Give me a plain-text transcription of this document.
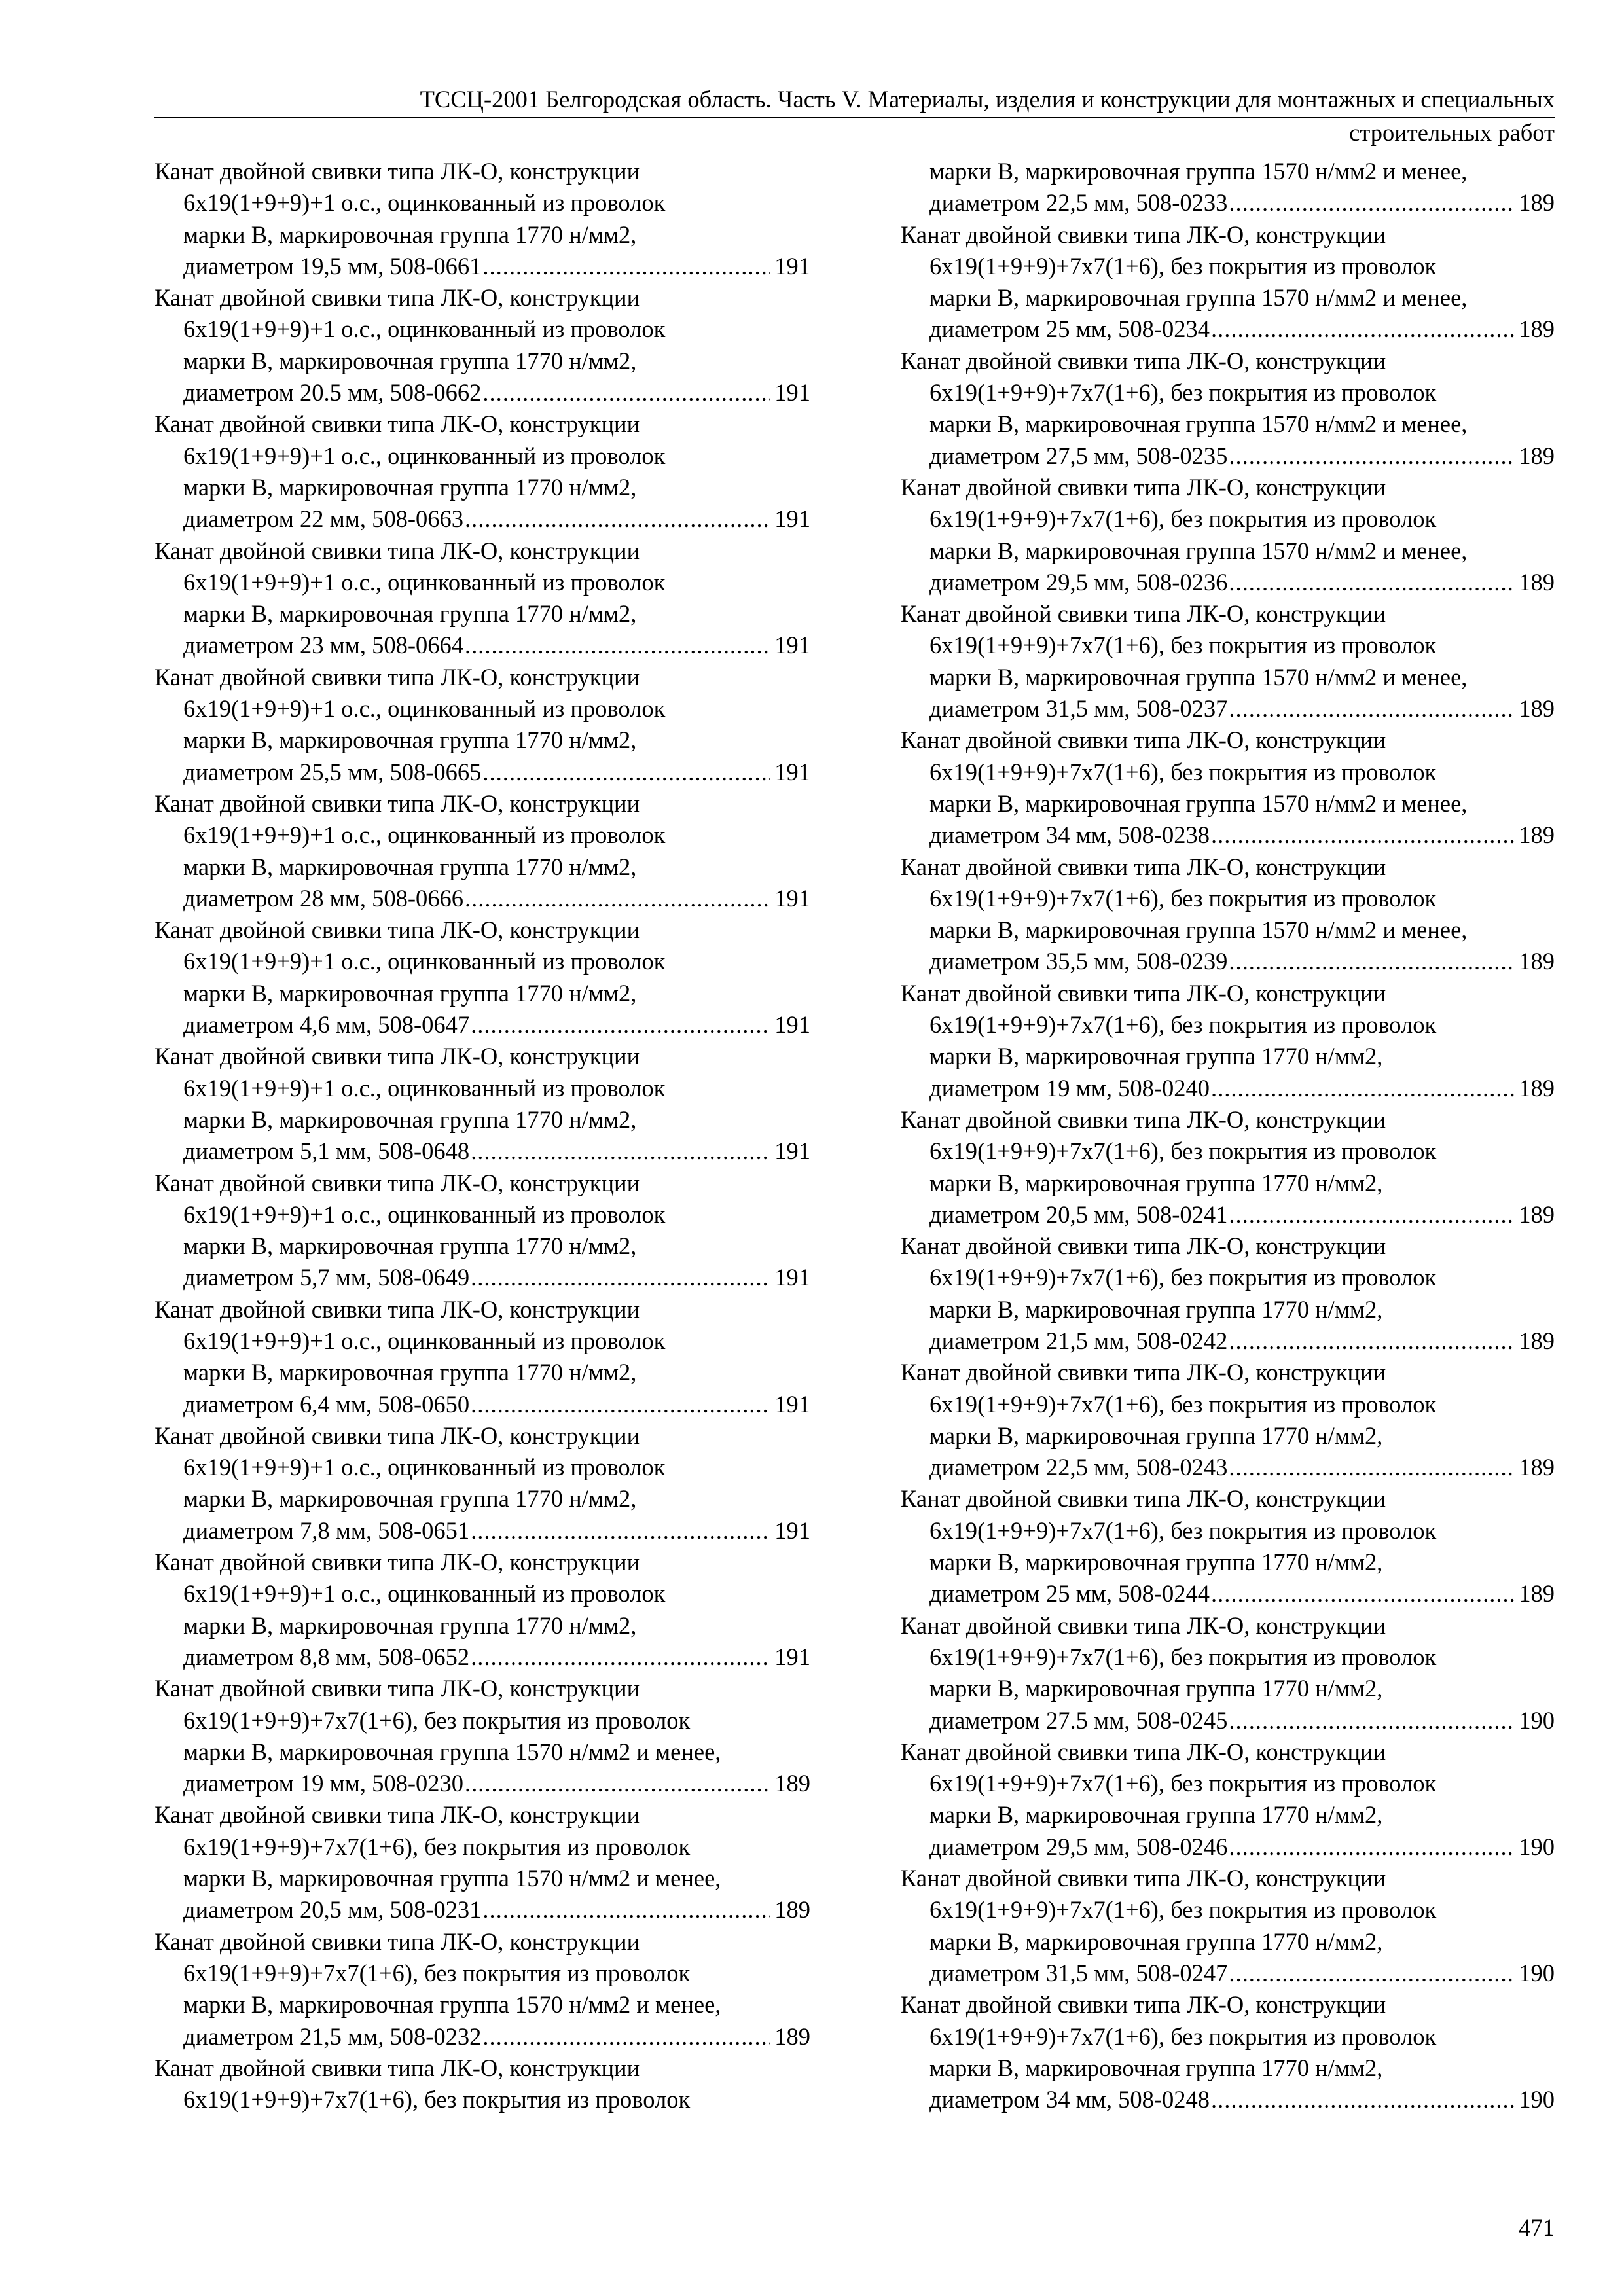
ТССЦ-2001 Белгородская область. Часть V. Материалы, изделия и конструкции для монтажных и специальных
строительных работ
Канат двойной свивки типа ЛК-О, конструкции
6х19(1+9+9)+1 о.с., оцинкованный из проволок
марки В, маркировочная группа 1770 н/мм2,
диаметром 19,5 мм, 508-0661 .....	191
Канат двойной свивки типа ЛК-О, конструкции
6х19(1+9+9)+1 о.с., оцинкованный из проволок
марки В, маркировочная группа 1770 н/мм2,
диаметром 20.5 мм, 508-0662 .....	191
Канат двойной свивки типа ЛК-О, конструкции
6х19(1+9+9)+1 о.с., оцинкованный из проволок
марки В, маркировочная группа 1770 н/мм2,
диаметром 22 мм, 508-0663 .....	191
Канат двойной свивки типа ЛК-О, конструкции
6х19(1+9+9)+1 о.с., оцинкованный из проволок
марки В, маркировочная группа 1770 н/мм2,
диаметром 23 мм, 508-0664 .....	191
Канат двойной свивки типа ЛК-О, конструкции
6х19(1+9+9)+1 о.с., оцинкованный из проволок
марки В, маркировочная группа 1770 н/мм2,
диаметром 25,5 мм, 508-0665 .....	191
Канат двойной свивки типа ЛК-О, конструкции
6х19(1+9+9)+1 о.с., оцинкованный из проволок
марки В, маркировочная группа 1770 н/мм2,
диаметром 28 мм, 508-0666 .....	191
Канат двойной свивки типа ЛК-О, конструкции
6х19(1+9+9)+1 о.с., оцинкованный из проволок
марки В, маркировочная группа 1770 н/мм2,
диаметром 4,6 мм, 508-0647 .....	191
Канат двойной свивки типа ЛК-О, конструкции
6х19(1+9+9)+1 о.с., оцинкованный из проволок
марки В, маркировочная группа 1770 н/мм2,
диаметром 5,1 мм, 508-0648 .....	191
Канат двойной свивки типа ЛК-О, конструкции
6х19(1+9+9)+1 о.с., оцинкованный из проволок
марки В, маркировочная группа 1770 н/мм2,
диаметром 5,7 мм, 508-0649 .....	191
Канат двойной свивки типа ЛК-О, конструкции
6х19(1+9+9)+1 о.с., оцинкованный из проволок
марки В, маркировочная группа 1770 н/мм2,
диаметром 6,4 мм, 508-0650 .....	191
Канат двойной свивки типа ЛК-О, конструкции
6х19(1+9+9)+1 о.с., оцинкованный из проволок
марки В, маркировочная группа 1770 н/мм2,
диаметром 7,8 мм, 508-0651 .....	191
Канат двойной свивки типа ЛК-О, конструкции
6х19(1+9+9)+1 о.с., оцинкованный из проволок
марки В, маркировочная группа 1770 н/мм2,
диаметром 8,8 мм, 508-0652 .....	191
Канат двойной свивки типа ЛК-О, конструкции
6х19(1+9+9)+7х7(1+6), без покрытия из проволок
марки В, маркировочная группа 1570 н/мм2 и менее,
диаметром 19 мм, 508-0230 .....	189
Канат двойной свивки типа ЛК-О, конструкции
6х19(1+9+9)+7х7(1+6), без покрытия из проволок
марки В, маркировочная группа 1570 н/мм2 и менее,
диаметром 20,5 мм, 508-0231 .....	189
Канат двойной свивки типа ЛК-О, конструкции
6х19(1+9+9)+7х7(1+6), без покрытия из проволок
марки В, маркировочная группа 1570 н/мм2 и менее,
диаметром 21,5 мм, 508-0232 .....	189
Канат двойной свивки типа ЛК-О, конструкции
6х19(1+9+9)+7х7(1+6), без покрытия из проволок
марки В, маркировочная группа 1570 н/мм2 и менее,
диаметром 22,5 мм, 508-0233 .....	189
Канат двойной свивки типа ЛК-О, конструкции
6х19(1+9+9)+7х7(1+6), без покрытия из проволок
марки В, маркировочная группа 1570 н/мм2 и менее,
диаметром 25 мм, 508-0234 .....	189
Канат двойной свивки типа ЛК-О, конструкции
6х19(1+9+9)+7х7(1+6), без покрытия из проволок
марки В, маркировочная группа 1570 н/мм2 и менее,
диаметром 27,5 мм, 508-0235 .....	189
Канат двойной свивки типа ЛК-О, конструкции
6х19(1+9+9)+7х7(1+6), без покрытия из проволок
марки В, маркировочная группа 1570 н/мм2 и менее,
диаметром 29,5 мм, 508-0236 .....	189
Канат двойной свивки типа ЛК-О, конструкции
6х19(1+9+9)+7х7(1+6), без покрытия из проволок
марки В, маркировочная группа 1570 н/мм2 и менее,
диаметром 31,5 мм, 508-0237 .....	189
Канат двойной свивки типа ЛК-О, конструкции
6х19(1+9+9)+7х7(1+6), без покрытия из проволок
марки В, маркировочная группа 1570 н/мм2 и менее,
диаметром 34 мм, 508-0238 .....	189
Канат двойной свивки типа ЛК-О, конструкции
6х19(1+9+9)+7х7(1+6), без покрытия из проволок
марки В, маркировочная группа 1570 н/мм2 и менее,
диаметром 35,5 мм, 508-0239 .....	189
Канат двойной свивки типа ЛК-О, конструкции
6х19(1+9+9)+7х7(1+6), без покрытия из проволок
марки В, маркировочная группа 1770 н/мм2,
диаметром 19 мм, 508-0240 .....	189
Канат двойной свивки типа ЛК-О, конструкции
6х19(1+9+9)+7х7(1+6), без покрытия из проволок
марки В, маркировочная группа 1770 н/мм2,
диаметром 20,5 мм, 508-0241 .....	189
Канат двойной свивки типа ЛК-О, конструкции
6х19(1+9+9)+7х7(1+6), без покрытия из проволок
марки В, маркировочная группа 1770 н/мм2,
диаметром 21,5 мм, 508-0242 .....	189
Канат двойной свивки типа ЛК-О, конструкции
6х19(1+9+9)+7х7(1+6), без покрытия из проволок
марки В, маркировочная группа 1770 н/мм2,
диаметром 22,5 мм, 508-0243 .....	189
Канат двойной свивки типа ЛК-О, конструкции
6х19(1+9+9)+7х7(1+6), без покрытия из проволок
марки В, маркировочная группа 1770 н/мм2,
диаметром 25 мм, 508-0244 .....	189
Канат двойной свивки типа ЛК-О, конструкции
6х19(1+9+9)+7х7(1+6), без покрытия из проволок
марки В, маркировочная группа 1770 н/мм2,
диаметром 27.5 мм, 508-0245 .....	190
Канат двойной свивки типа ЛК-О, конструкции
6х19(1+9+9)+7х7(1+6), без покрытия из проволок
марки В, маркировочная группа 1770 н/мм2,
диаметром 29,5 мм, 508-0246 .....	190
Канат двойной свивки типа ЛК-О, конструкции
6х19(1+9+9)+7х7(1+6), без покрытия из проволок
марки В, маркировочная группа 1770 н/мм2,
диаметром 31,5 мм, 508-0247 .....	190
Канат двойной свивки типа ЛК-О, конструкции
6х19(1+9+9)+7х7(1+6), без покрытия из проволок
марки В, маркировочная группа 1770 н/мм2,
диаметром 34 мм, 508-0248 .....	190
471
